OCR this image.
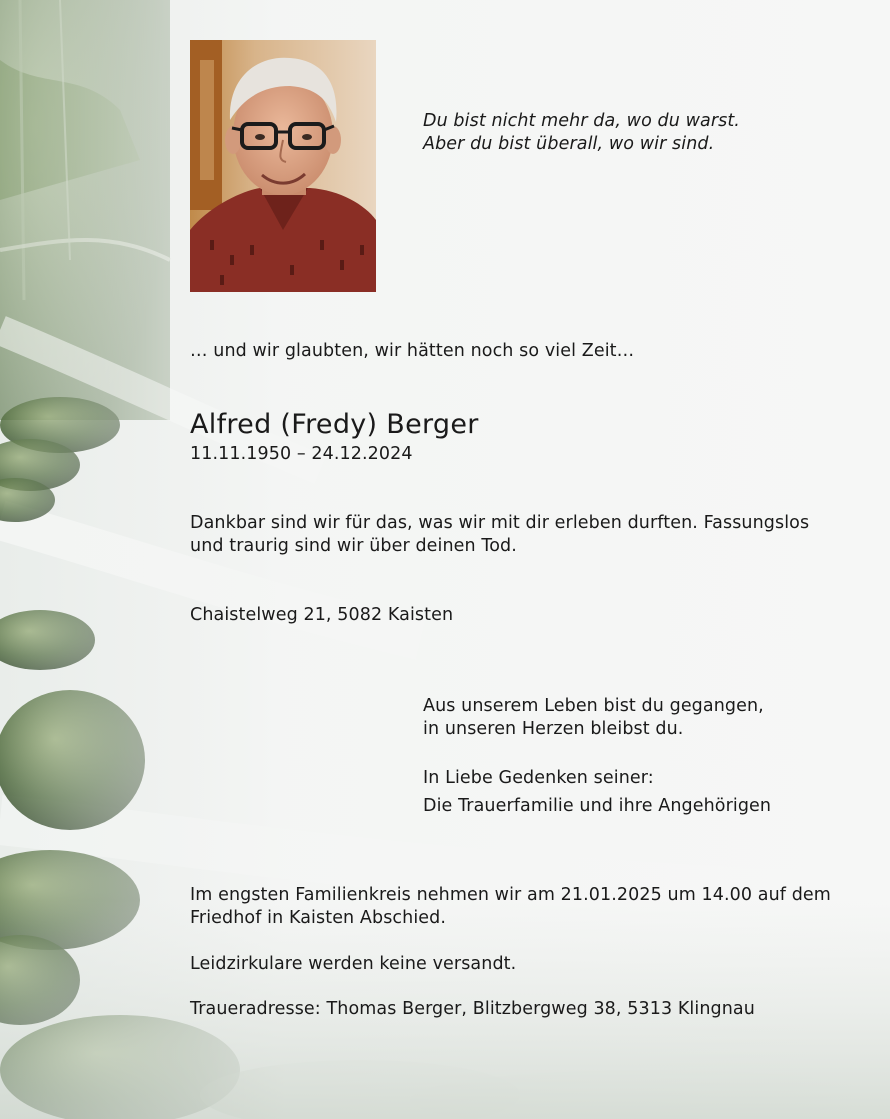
Du bist nicht mehr da, wo du warst.
Aber du bist überall, wo wir sind.
… und wir glaubten, wir hätten noch so viel Zeit…
Alfred (Fredy) Berger
11.11.1950 – 24.12.2024
Dankbar sind wir für das, was wir mit dir erleben durften. Fassungslos
und traurig sind wir über deinen Tod.
Chaistelweg 21, 5082 Kaisten
Aus unserem Leben bist du gegangen,
in unseren Herzen bleibst du.
In Liebe Gedenken seiner:
Die Trauerfamilie und ihre Angehörigen
Im engsten Familienkreis nehmen wir am 21.01.2025 um 14.00 auf dem
Friedhof in Kaisten Abschied.
Leidzirkulare werden keine versandt.
Traueradresse: Thomas Berger, Blitzbergweg 38, 5313 Klingnau
